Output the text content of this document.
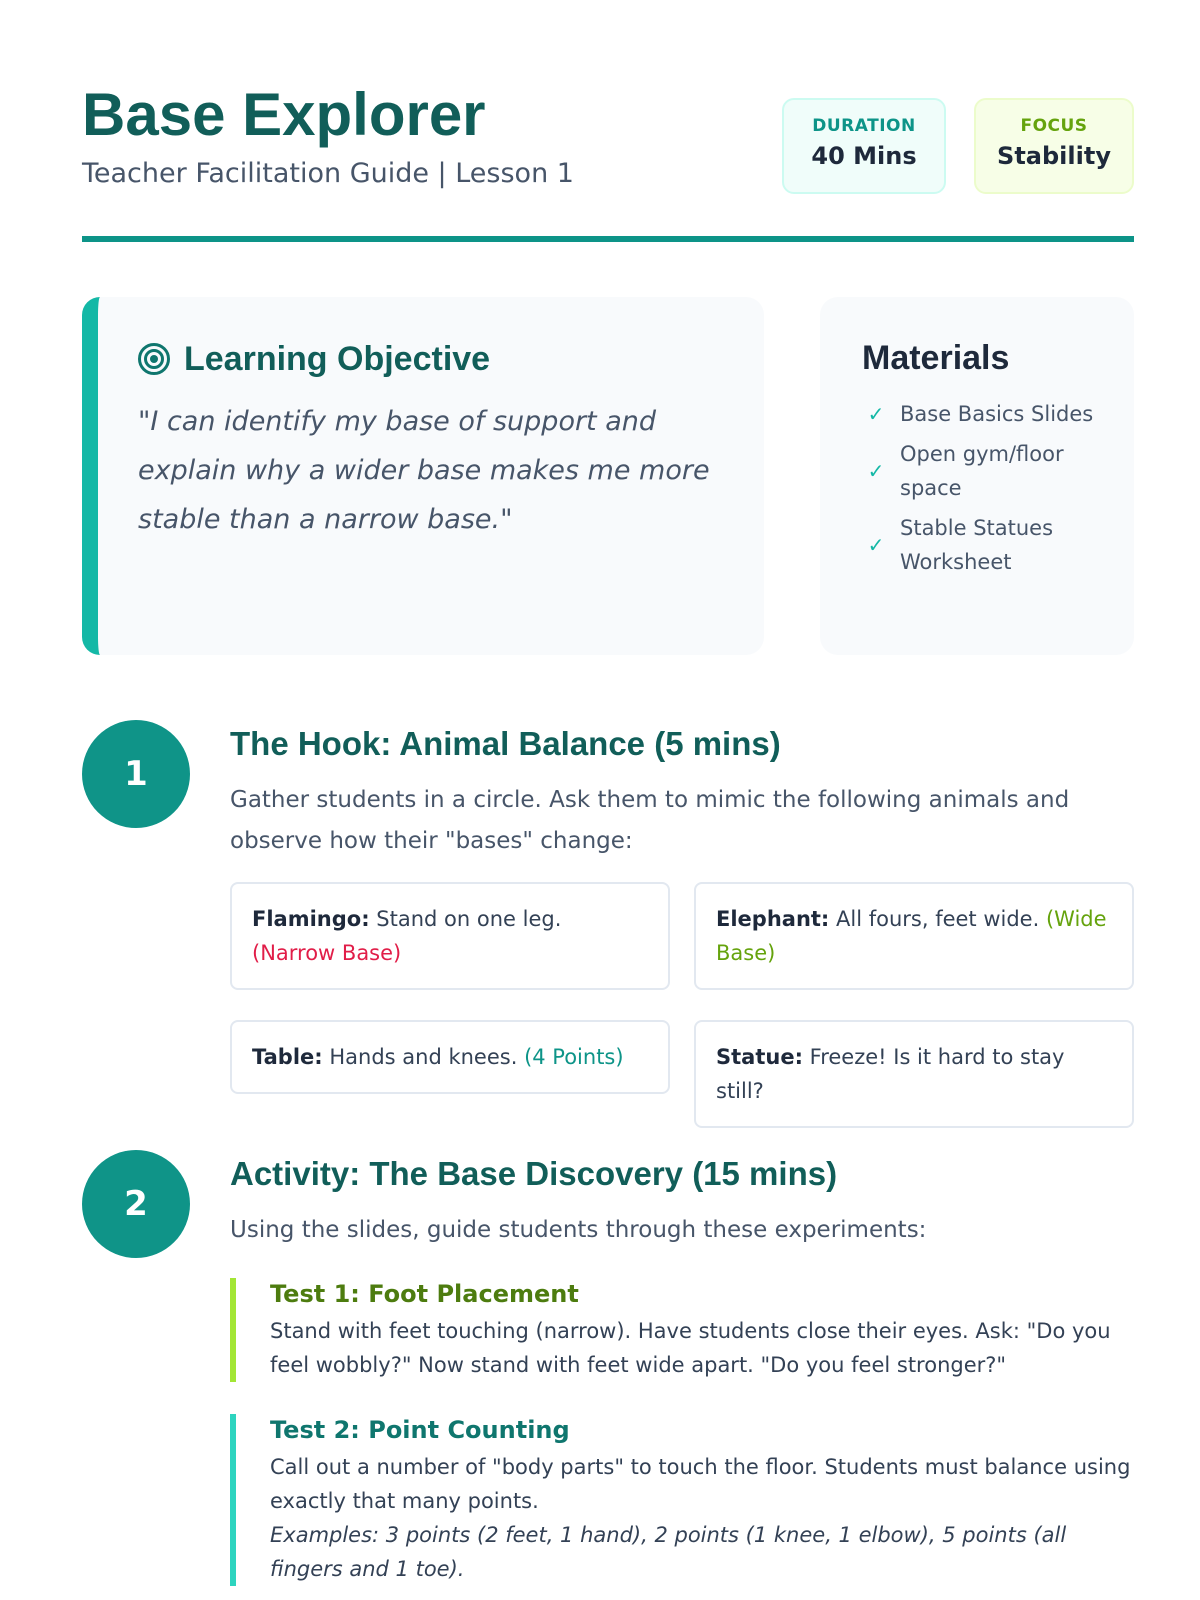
Base Explorer
Teacher Facilitation Guide | Lesson 1
DURATION
40 Mins
FOCUS
Stability
Learning Objective

"I can identify my base of support and explain why a wider base makes me more stable than a narrow base."

Materials
✓ Base Basics Slides
✓
Open gym/floor space
✓
Stable Statues Worksheet
1
The Hook: Animal Balance (5 mins)

Gather students in a circle. Ask them to mimic the following animals and observe how their "bases" change:

Flamingo: Stand on one leg. (Narrow Base)
Elephant: All fours, feet wide. (Wide Base)
Table: Hands and knees. (4 Points)	Statue: Freeze! Is it hard to stay still?
2
Activity: The Base Discovery (15 mins)

Using the slides, guide students through these experiments:

Test 1: Foot Placement
Stand with feet touching (narrow). Have students close their eyes. Ask: "Do you feel wobbly?" Now stand with feet wide apart. "Do you feel stronger?"
Test 2: Point Counting
Call out a number of "body parts" to touch the floor. Students must balance using exactly that many points.
Examples: 3 points (2 feet, 1 hand), 2 points (1 knee, 1 elbow), 5 points (all fingers and 1 toe).
